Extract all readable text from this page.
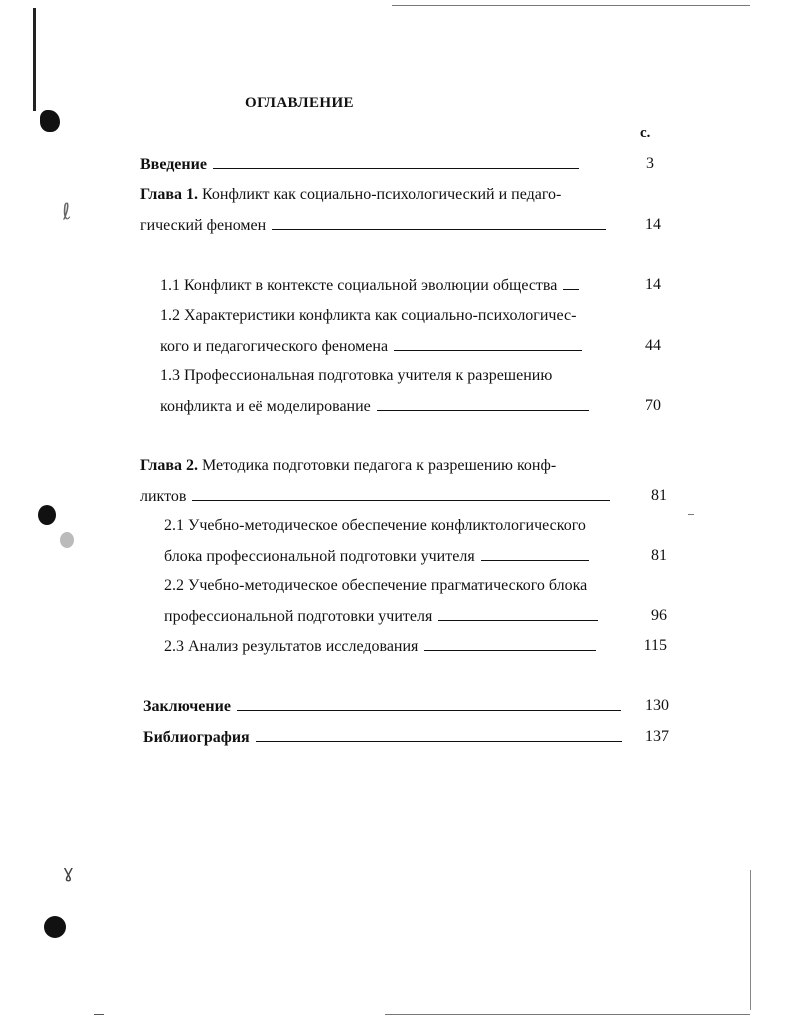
ℓ
ɣ
ОГЛАВЛЕНИЕ
с.
Введение	3
Глава 1. Конфликт как социально-психологический и педаго-
гический феномен	14
1.1 Конфликт в контексте социальной эволюции общества	14
1.2 Характеристики конфликта как социально-психологичес-
кого и педагогического феномена	44
1.3 Профессиональная подготовка учителя к разрешению
конфликта и её моделирование	70
Глава 2. Методика подготовки педагога к разрешению конф-
ликтов	81
2.1 Учебно-методическое обеспечение конфликтологического
блока профессиональной подготовки учителя	81
2.2 Учебно-методическое обеспечение прагматического блока
профессиональной подготовки учителя	96
2.3 Анализ результатов исследования	115
Заключение	130
Библиография	137
